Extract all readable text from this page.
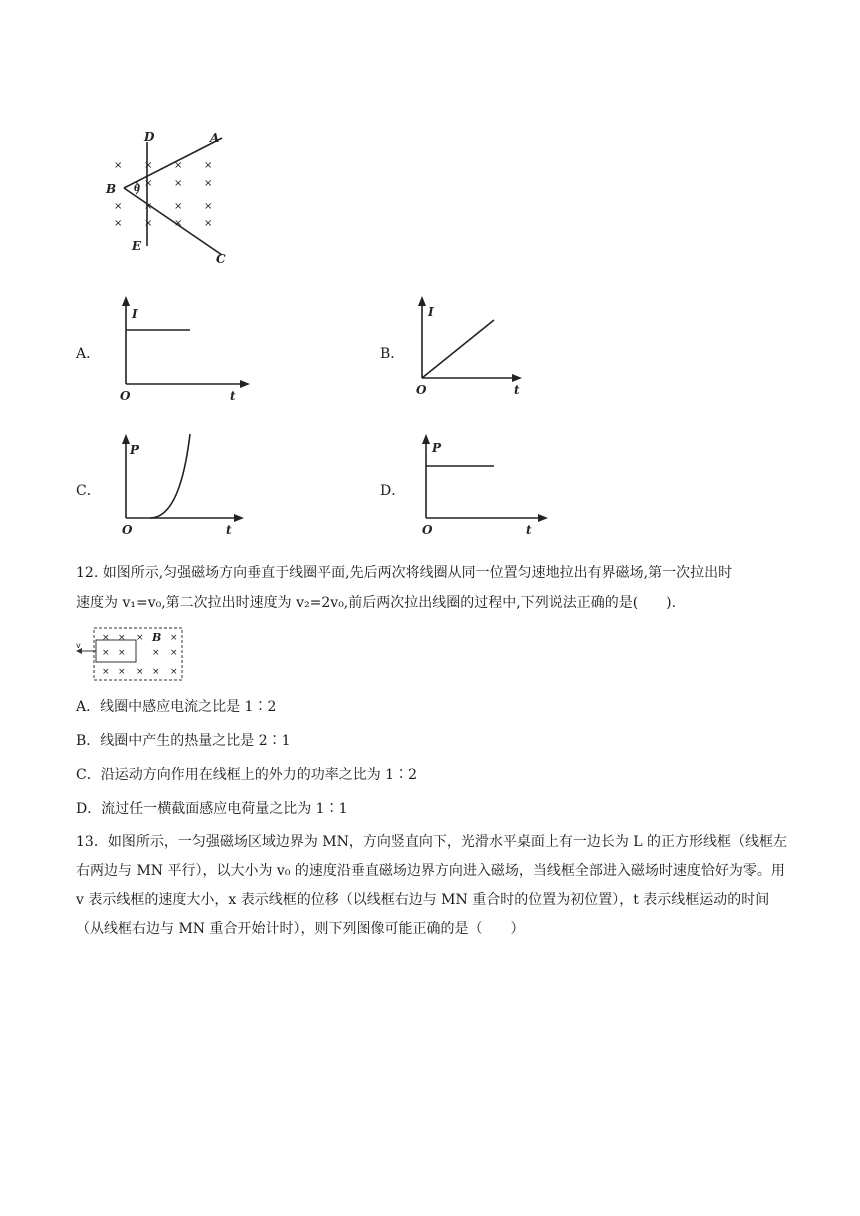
B
D	A
E
C
θ
×
×
×
×
×
×
×
×
×
×
×
×
×
×
×
A．
I
t
O
B．
I
t
O
C．
P
t
O
D．
P
t
O
12. 如图所示,匀强磁场方向垂直于线圈平面,先后两次将线圈从同一位置匀速地拉出有界磁场,第一次拉出时
速度为 v₁=v₀,第二次拉出时速度为 v₂=2v₀,前后两次拉出线圈的过程中,下列说法正确的是(　　).
v
× × ×	×
× ×	× ×
× × × × ×
B
A．线圈中感应电流之比是 1∶2
B．线圈中产生的热量之比是 2∶1
C．沿运动方向作用在线框上的外力的功率之比为 1∶2
D．流过任一横截面感应电荷量之比为 1∶1
13．如图所示，一匀强磁场区域边界为 MN，方向竖直向下，光滑水平桌面上有一边长为 L 的正方形线框（线框左右两边与 MN 平行），以大小为 v₀ 的速度沿垂直磁场边界方向进入磁场，当线框全部进入磁场时速度恰好为零。用 v 表示线框的速度大小，x 表示线框的位移（以线框右边与 MN 重合时的位置为初位置），t 表示线框运动的时间（从线框右边与 MN 重合开始计时），则下列图像可能正确的是（　　）
